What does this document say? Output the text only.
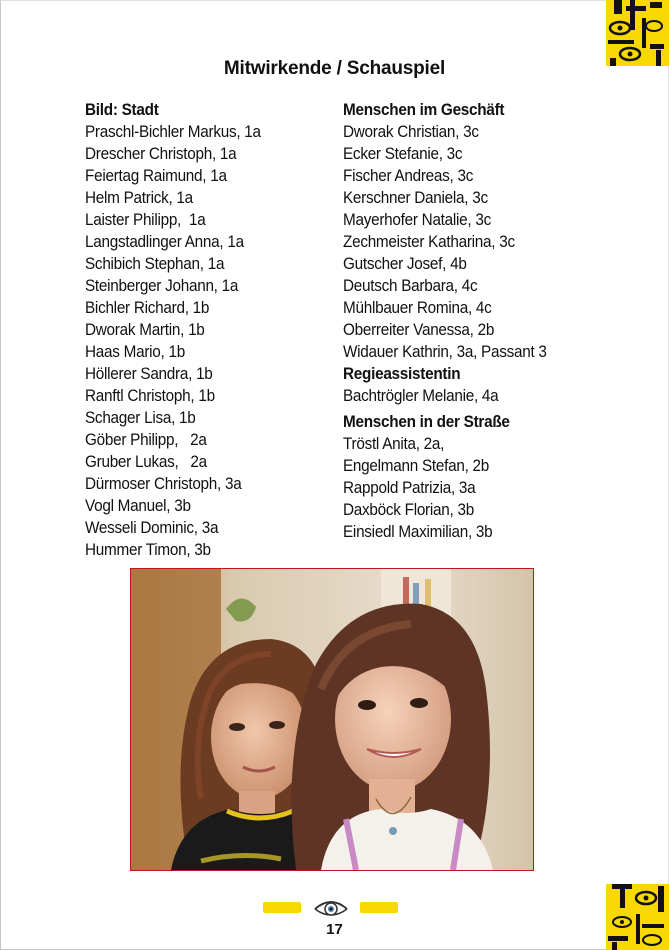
Mitwirkende / Schauspiel
Bild: Stadt
Praschl-Bichler Markus, 1a
Drescher Christoph, 1a
Feiertag Raimund, 1a
Helm Patrick, 1a
Laister Philipp,  1a
Langstadlinger Anna, 1a
Schibich Stephan, 1a
Steinberger Johann, 1a
Bichler Richard, 1b
Dworak Martin, 1b
Haas Mario, 1b
Höllerer Sandra, 1b
Ranftl Christoph, 1b
Schager Lisa, 1b
Göber Philipp,   2a
Gruber Lukas,   2a
Dürmoser Christoph, 3a
Vogl Manuel, 3b
Wesseli Dominic, 3a
Hummer Timon, 3b
Menschen im Geschäft
Dworak Christian, 3c
Ecker Stefanie, 3c
Fischer Andreas, 3c
Kerschner Daniela, 3c
Mayerhofer Natalie, 3c
Zechmeister Katharina, 3c
Gutscher Josef, 4b
Deutsch Barbara, 4c
Mühlbauer Romina, 4c
Oberreiter Vanessa, 2b
Widauer Kathrin, 3a, Passant 3
Regieassistentin
Bachtrögler Melanie, 4a
Menschen in der Straße
Tröstl Anita, 2a,
Engelmann Stefan, 2b
Rappold Patrizia, 3a
Daxböck Florian, 3b
Einsiedl Maximilian, 3b
17
